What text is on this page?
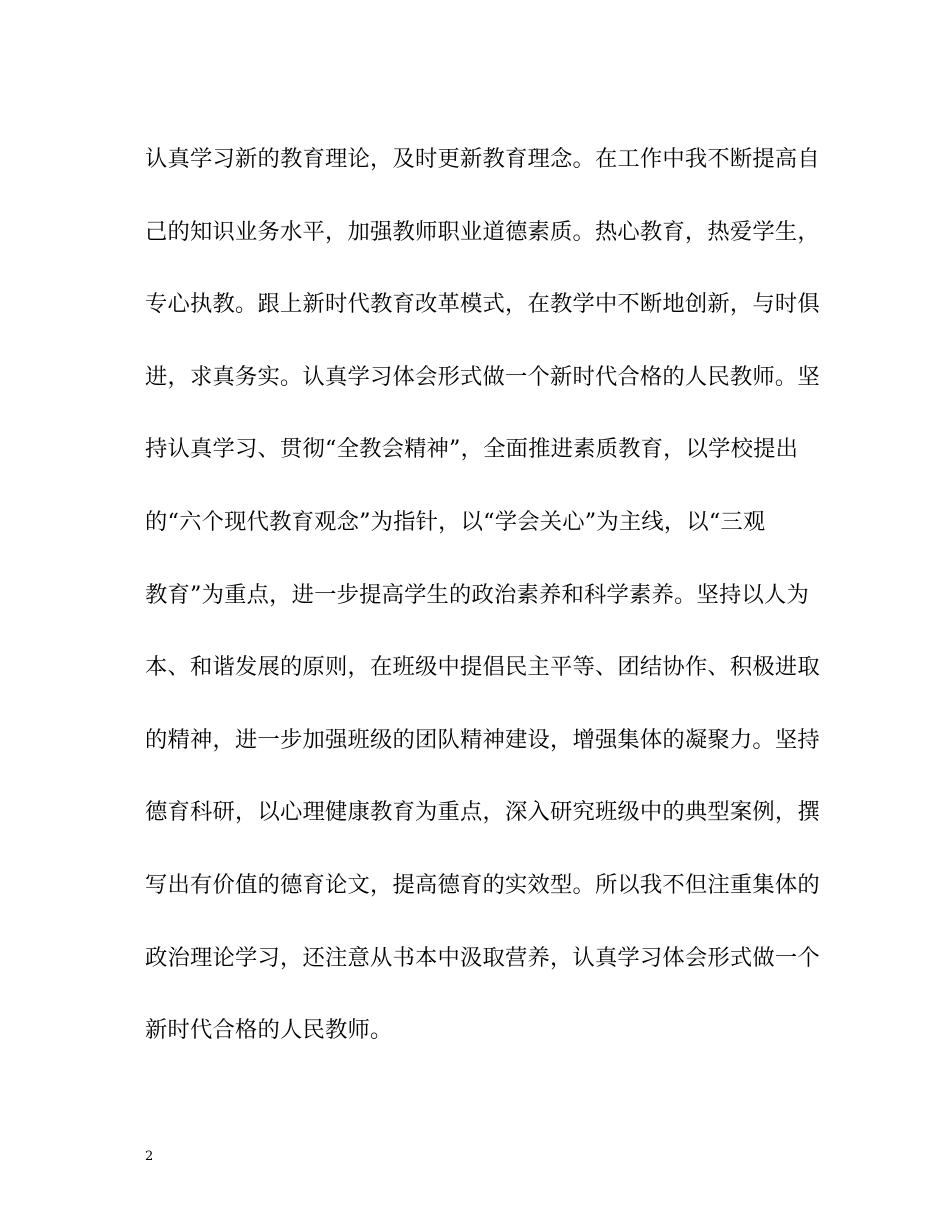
认真学习新的教育理论，及时更新教育理念。在工作中我不断提高自
己的知识业务水平，加强教师职业道德素质。热心教育，热爱学生，
专心执教。跟上新时代教育改革模式，在教学中不断地创新，与时俱
进，求真务实。认真学习体会形式做一个新时代合格的人民教师。坚
持认真学习、贯彻“全教会精神”，全面推进素质教育，以学校提出
的“六个现代教育观念”为指针，以“学会关心”为主线，以“三观
教育”为重点，进一步提高学生的政治素养和科学素养。坚持以人为
本、和谐发展的原则，在班级中提倡民主平等、团结协作、积极进取
的精神，进一步加强班级的团队精神建设，增强集体的凝聚力。坚持
德育科研，以心理健康教育为重点，深入研究班级中的典型案例，撰
写出有价值的德育论文，提高德育的实效型。所以我不但注重集体的
政治理论学习，还注意从书本中汲取营养，认真学习体会形式做一个
新时代合格的人民教师。
2
